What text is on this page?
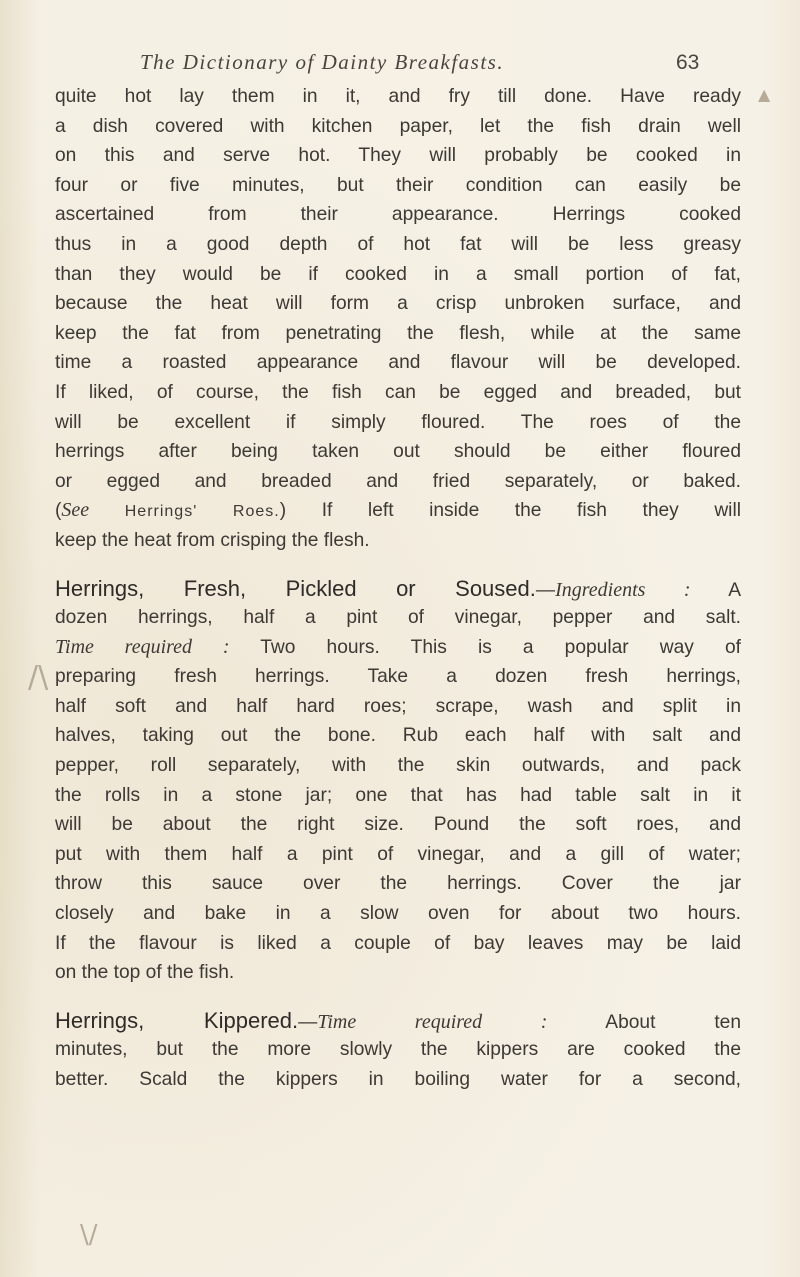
The Dictionary of Dainty Breakfasts.	63
quite hot lay them in it, and fry till done. Have ready
a dish covered with kitchen paper, let the fish drain well
on this and serve hot. They will probably be cooked in
four or five minutes, but their condition can easily be
ascertained from their appearance. Herrings cooked
thus in a good depth of hot fat will be less greasy
than they would be if cooked in a small portion of fat,
because the heat will form a crisp unbroken surface, and
keep the fat from penetrating the flesh, while at the same
time a roasted appearance and flavour will be developed.
If liked, of course, the fish can be egged and breaded, but
will be excellent if simply floured. The roes of the
herrings after being taken out should be either floured
or egged and breaded and fried separately, or baked.
(See Herrings' Roes.) If left inside the fish they will
keep the heat from crisping the flesh.
Herrings, Fresh, Pickled or Soused.—Ingredients : A
dozen herrings, half a pint of vinegar, pepper and salt.
Time required : Two hours. This is a popular way of
preparing fresh herrings. Take a dozen fresh herrings,
half soft and half hard roes; scrape, wash and split in
halves, taking out the bone. Rub each half with salt and
pepper, roll separately, with the skin outwards, and pack
the rolls in a stone jar; one that has had table salt in it
will be about the right size. Pound the soft roes, and
put with them half a pint of vinegar, and a gill of water;
throw this sauce over the herrings. Cover the jar
closely and bake in a slow oven for about two hours.
If the flavour is liked a couple of bay leaves may be laid
on the top of the fish.
Herrings, Kippered.—Time required :	About ten
minutes, but the more slowly the kippers are cooked the
better. Scald the kippers in boiling water for a second,
/\
\/
▲
